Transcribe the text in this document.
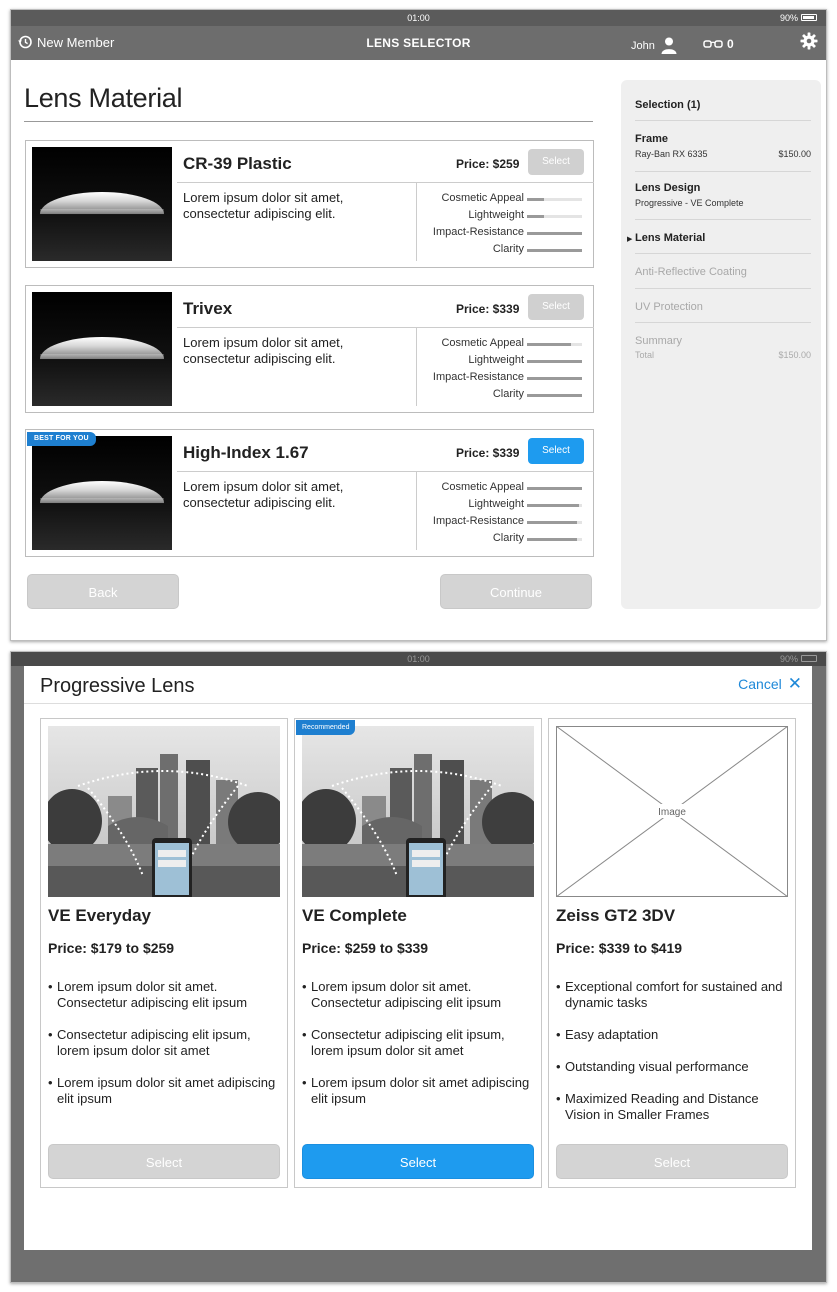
01:00	90%
New Member	LENS SELECTOR	John	0
Lens Material
CR-39 Plastic	Price: $259	Select
Lorem ipsum dolor sit amet, consectetur adipiscing elit.
Cosmetic Appeal
Lightweight
Impact-Resistance
Clarity
Trivex	Price: $339	Select
Lorem ipsum dolor sit amet, consectetur adipiscing elit.
Cosmetic Appeal
Lightweight
Impact-Resistance
Clarity
BEST FOR YOU
High-Index 1.67	Price: $339	Select
Lorem ipsum dolor sit amet, consectetur adipiscing elit.
Cosmetic Appeal
Lightweight
Impact-Resistance
Clarity
Back	Continue
Selection (1)
Frame
Ray-Ban RX 6335	$150.00
Lens Design
Progressive - VE Complete
▶ Lens Material
Anti-Reflective Coating
UV Protection
Summary
Total	$150.00
01:00	90%
Progressive Lens	Cancel ✕
VE Everyday
Price: $179 to $259
• Lorem ipsum dolor sit amet. Consectetur adipiscing elit ipsum
• Consectetur adipiscing elit ipsum, lorem ipsum dolor sit amet
• Lorem ipsum dolor sit amet adipiscing elit ipsum
Select
Recommended
VE Complete
Price: $259 to $339
• Lorem ipsum dolor sit amet. Consectetur adipiscing elit ipsum
• Consectetur adipiscing elit ipsum, lorem ipsum dolor sit amet
• Lorem ipsum dolor sit amet adipiscing elit ipsum
Select
Image
Zeiss GT2 3DV
Price: $339 to $419
• Exceptional comfort for sustained and dynamic tasks
• Easy adaptation
• Outstanding visual performance
• Maximized Reading and Distance Vision in Smaller Frames
Select
